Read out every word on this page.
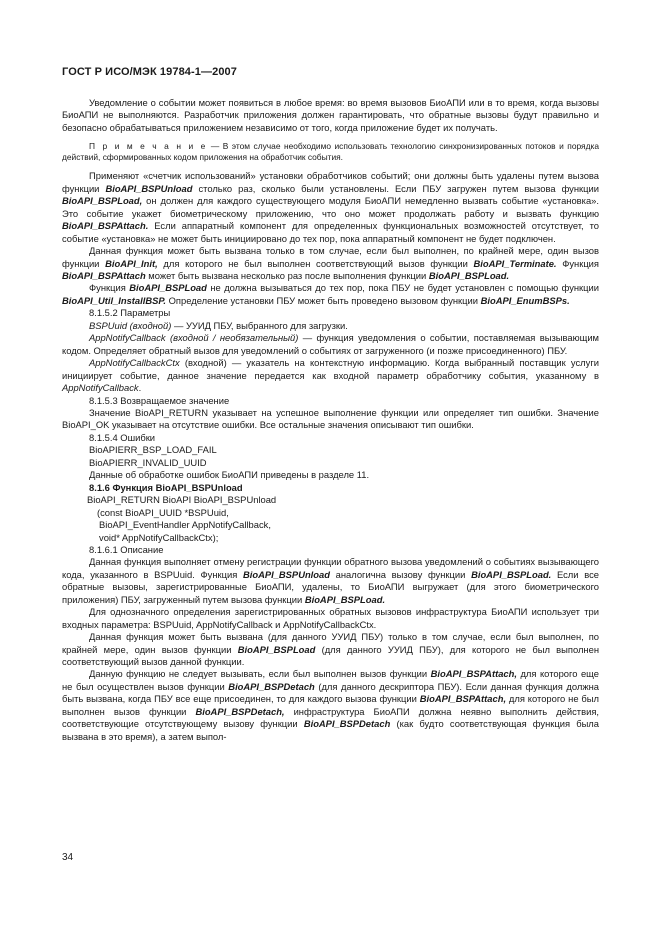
ГОСТ Р ИСО/МЭК 19784-1—2007

Уведомление о событии может появиться в любое время: во время вызовов БиоАПИ или в то время, когда вызовы БиоАПИ не выполняются. Разработчик приложения должен гарантировать, что обратные вызовы будут правильно и безопасно обрабатываться приложением независимо от того, когда приложение будет их получать.

П р и м е ч а н и е — В этом случае необходимо использовать технологию синхронизированных потоков и порядка действий, сформированных кодом приложения на обработчик события.

Применяют «счетчик использований» установки обработчиков событий; они должны быть удалены путем вызова функции BioAPI_BSPUnload столько раз, сколько были установлены. Если ПБУ загружен путем вызова функции BioAPI_BSPLoad, он должен для каждого существующего модуля БиоАПИ немедленно вызвать событие «установка». Это событие укажет биометрическому приложению, что оно может продолжать работу и вызвать функцию BioAPI_BSPAttach. Если аппаратный компонент для определенных функциональных возможностей отсутствует, то событие «установка» не может быть инициировано до тех пор, пока аппаратный компонент не будет подключен.

Данная функция может быть вызвана только в том случае, если был выполнен, по крайней мере, один вызов функции BioAPI_Init, для которого не был выполнен соответствующий вызов функции BioAPI_Terminate. Функция BioAPI_BSPAttach может быть вызвана несколько раз после выполнения функции BioAPI_BSPLoad.

Функция BioAPI_BSPLoad не должна вызываться до тех пор, пока ПБУ не будет установлен с помощью функции BioAPI_Util_InstallBSP. Определение установки ПБУ может быть проведено вызовом функции BioAPI_EnumBSPs.

8.1.5.2 Параметры

BSPUuid (входной) — УУИД ПБУ, выбранного для загрузки.

AppNotifyCallback (входной / необязательный) — функция уведомления о событии, поставляемая вызывающим кодом. Определяет обратный вызов для уведомлений о событиях от загруженного (и позже присоединенного) ПБУ.

AppNotifyCallbackCtx (входной) — указатель на контекстную информацию. Когда выбранный поставщик услуги инициирует событие, данное значение передается как входной параметр обработчику события, указанному в AppNotifyCallback.

8.1.5.3 Возвращаемое значение

Значение BioAPI_RETURN указывает на успешное выполнение функции или определяет тип ошибки. Значение BioAPI_OK указывает на отсутствие ошибки. Все остальные значения описывают тип ошибки.

8.1.5.4 Ошибки

BioAPIERR_BSP_LOAD_FAIL

BioAPIERR_INVALID_UUID

Данные об обработке ошибок БиоАПИ приведены в разделе 11.

8.1.6 Функция BioAPI_BSPUnload

BioAPI_RETURN BioAPI BioAPI_BSPUnload

(const BioAPI_UUID *BSPUuid,

BioAPI_EventHandler AppNotifyCallback,

void* AppNotifyCallbackCtx);

8.1.6.1 Описание

Данная функция выполняет отмену регистрации функции обратного вызова уведомлений о событиях вызывающего кода, указанного в BSPUuid. Функция BioAPI_BSPUnload аналогична вызову функции BioAPI_BSPLoad. Если все обратные вызовы, зарегистрированные БиоАПИ, удалены, то БиоАПИ выгружает (для этого биометрического приложения) ПБУ, загруженный путем вызова функции BioAPI_BSPLoad.

Для однозначного определения зарегистрированных обратных вызовов инфраструктура БиоАПИ использует три входных параметра: BSPUuid, AppNotifyCallback и AppNotifyCallbackCtx.

Данная функция может быть вызвана (для данного УУИД ПБУ) только в том случае, если был выполнен, по крайней мере, один вызов функции BioAPI_BSPLoad (для данного УУИД ПБУ), для которого не был выполнен соответствующий вызов данной функции.

Данную функцию не следует вызывать, если был выполнен вызов функции BioAPI_BSPAttach, для которого еще не был осуществлен вызов функции BioAPI_BSPDetach (для данного дескриптора ПБУ). Если данная функция должна быть вызвана, когда ПБУ все еще присоединен, то для каждого вызова функции BioAPI_BSPAttach, для которого не был выполнен вызов функции BioAPI_BSPDetach, инфраструктура БиоАПИ должна неявно выполнить действия, соответствующие отсутствующему вызову функции BioAPI_BSPDetach (как будто соответствующая функция была вызвана в это время), а затем выпол-

34
